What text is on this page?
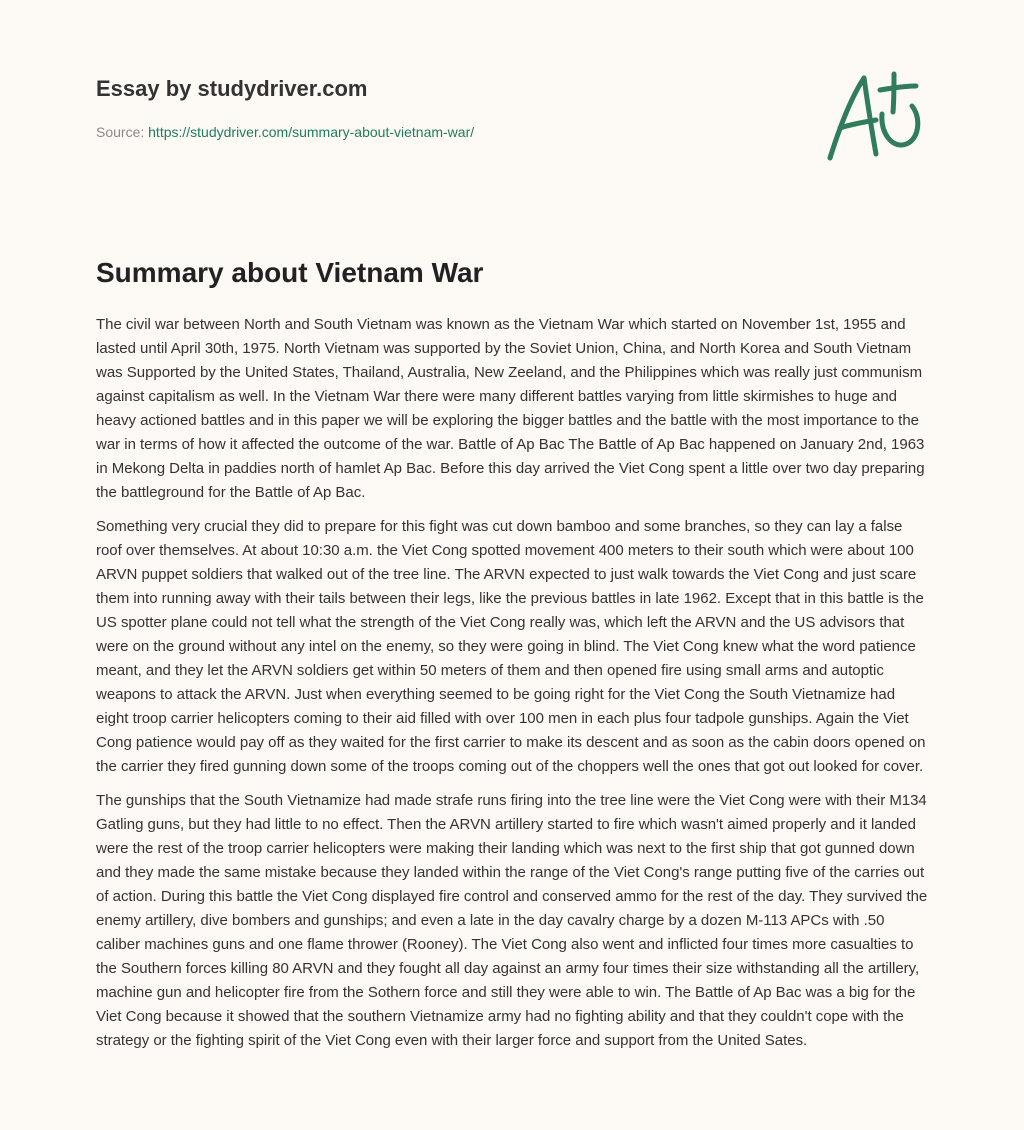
Essay by studydriver.com
Source: https://studydriver.com/summary-about-vietnam-war/
Summary about Vietnam War

The civil war between North and South Vietnam was known as the Vietnam War which started on November 1st, 1955 and lasted until April 30th, 1975. North Vietnam was supported by the Soviet Union, China, and North Korea and South Vietnam was Supported by the United States, Thailand, Australia, New Zeeland, and the Philippines which was really just communism against capitalism as well. In the Vietnam War there were many different battles varying from little skirmishes to huge and heavy actioned battles and in this paper we will be exploring the bigger battles and the battle with the most importance to the war in terms of how it affected the outcome of the war. Battle of Ap Bac The Battle of Ap Bac happened on January 2nd, 1963 in Mekong Delta in paddies north of hamlet Ap Bac. Before this day arrived the Viet Cong spent a little over two day preparing the battleground for the Battle of Ap Bac.

Something very crucial they did to prepare for this fight was cut down bamboo and some branches, so they can lay a false roof over themselves. At about 10:30 a.m. the Viet Cong spotted movement 400 meters to their south which were about 100 ARVN puppet soldiers that walked out of the tree line. The ARVN expected to just walk towards the Viet Cong and just scare them into running away with their tails between their legs, like the previous battles in late 1962. Except that in this battle is the US spotter plane could not tell what the strength of the Viet Cong really was, which left the ARVN and the US advisors that were on the ground without any intel on the enemy, so they were going in blind. The Viet Cong knew what the word patience meant, and they let the ARVN soldiers get within 50 meters of them and then opened fire using small arms and autoptic weapons to attack the ARVN. Just when everything seemed to be going right for the Viet Cong the South Vietnamize had eight troop carrier helicopters coming to their aid filled with over 100 men in each plus four tadpole gunships. Again the Viet Cong patience would pay off as they waited for the first carrier to make its descent and as soon as the cabin doors opened on the carrier they fired gunning down some of the troops coming out of the choppers well the ones that got out looked for cover.

The gunships that the South Vietnamize had made strafe runs firing into the tree line were the Viet Cong were with their M134 Gatling guns, but they had little to no effect. Then the ARVN artillery started to fire which wasn't aimed properly and it landed were the rest of the troop carrier helicopters were making their landing which was next to the first ship that got gunned down and they made the same mistake because they landed within the range of the Viet Cong's range putting five of the carries out of action. During this battle the Viet Cong displayed fire control and conserved ammo for the rest of the day. They survived the enemy artillery, dive bombers and gunships; and even a late in the day cavalry charge by a dozen M-113 APCs with .50 caliber machines guns and one flame thrower (Rooney). The Viet Cong also went and inflicted four times more casualties to the Southern forces killing 80 ARVN and they fought all day against an army four times their size withstanding all the artillery, machine gun and helicopter fire from the Sothern force and still they were able to win. The Battle of Ap Bac was a big for the Viet Cong because it showed that the southern Vietnamize army had no fighting ability and that they couldn't cope with the strategy or the fighting spirit of the Viet Cong even with their larger force and support from the United Sates.
